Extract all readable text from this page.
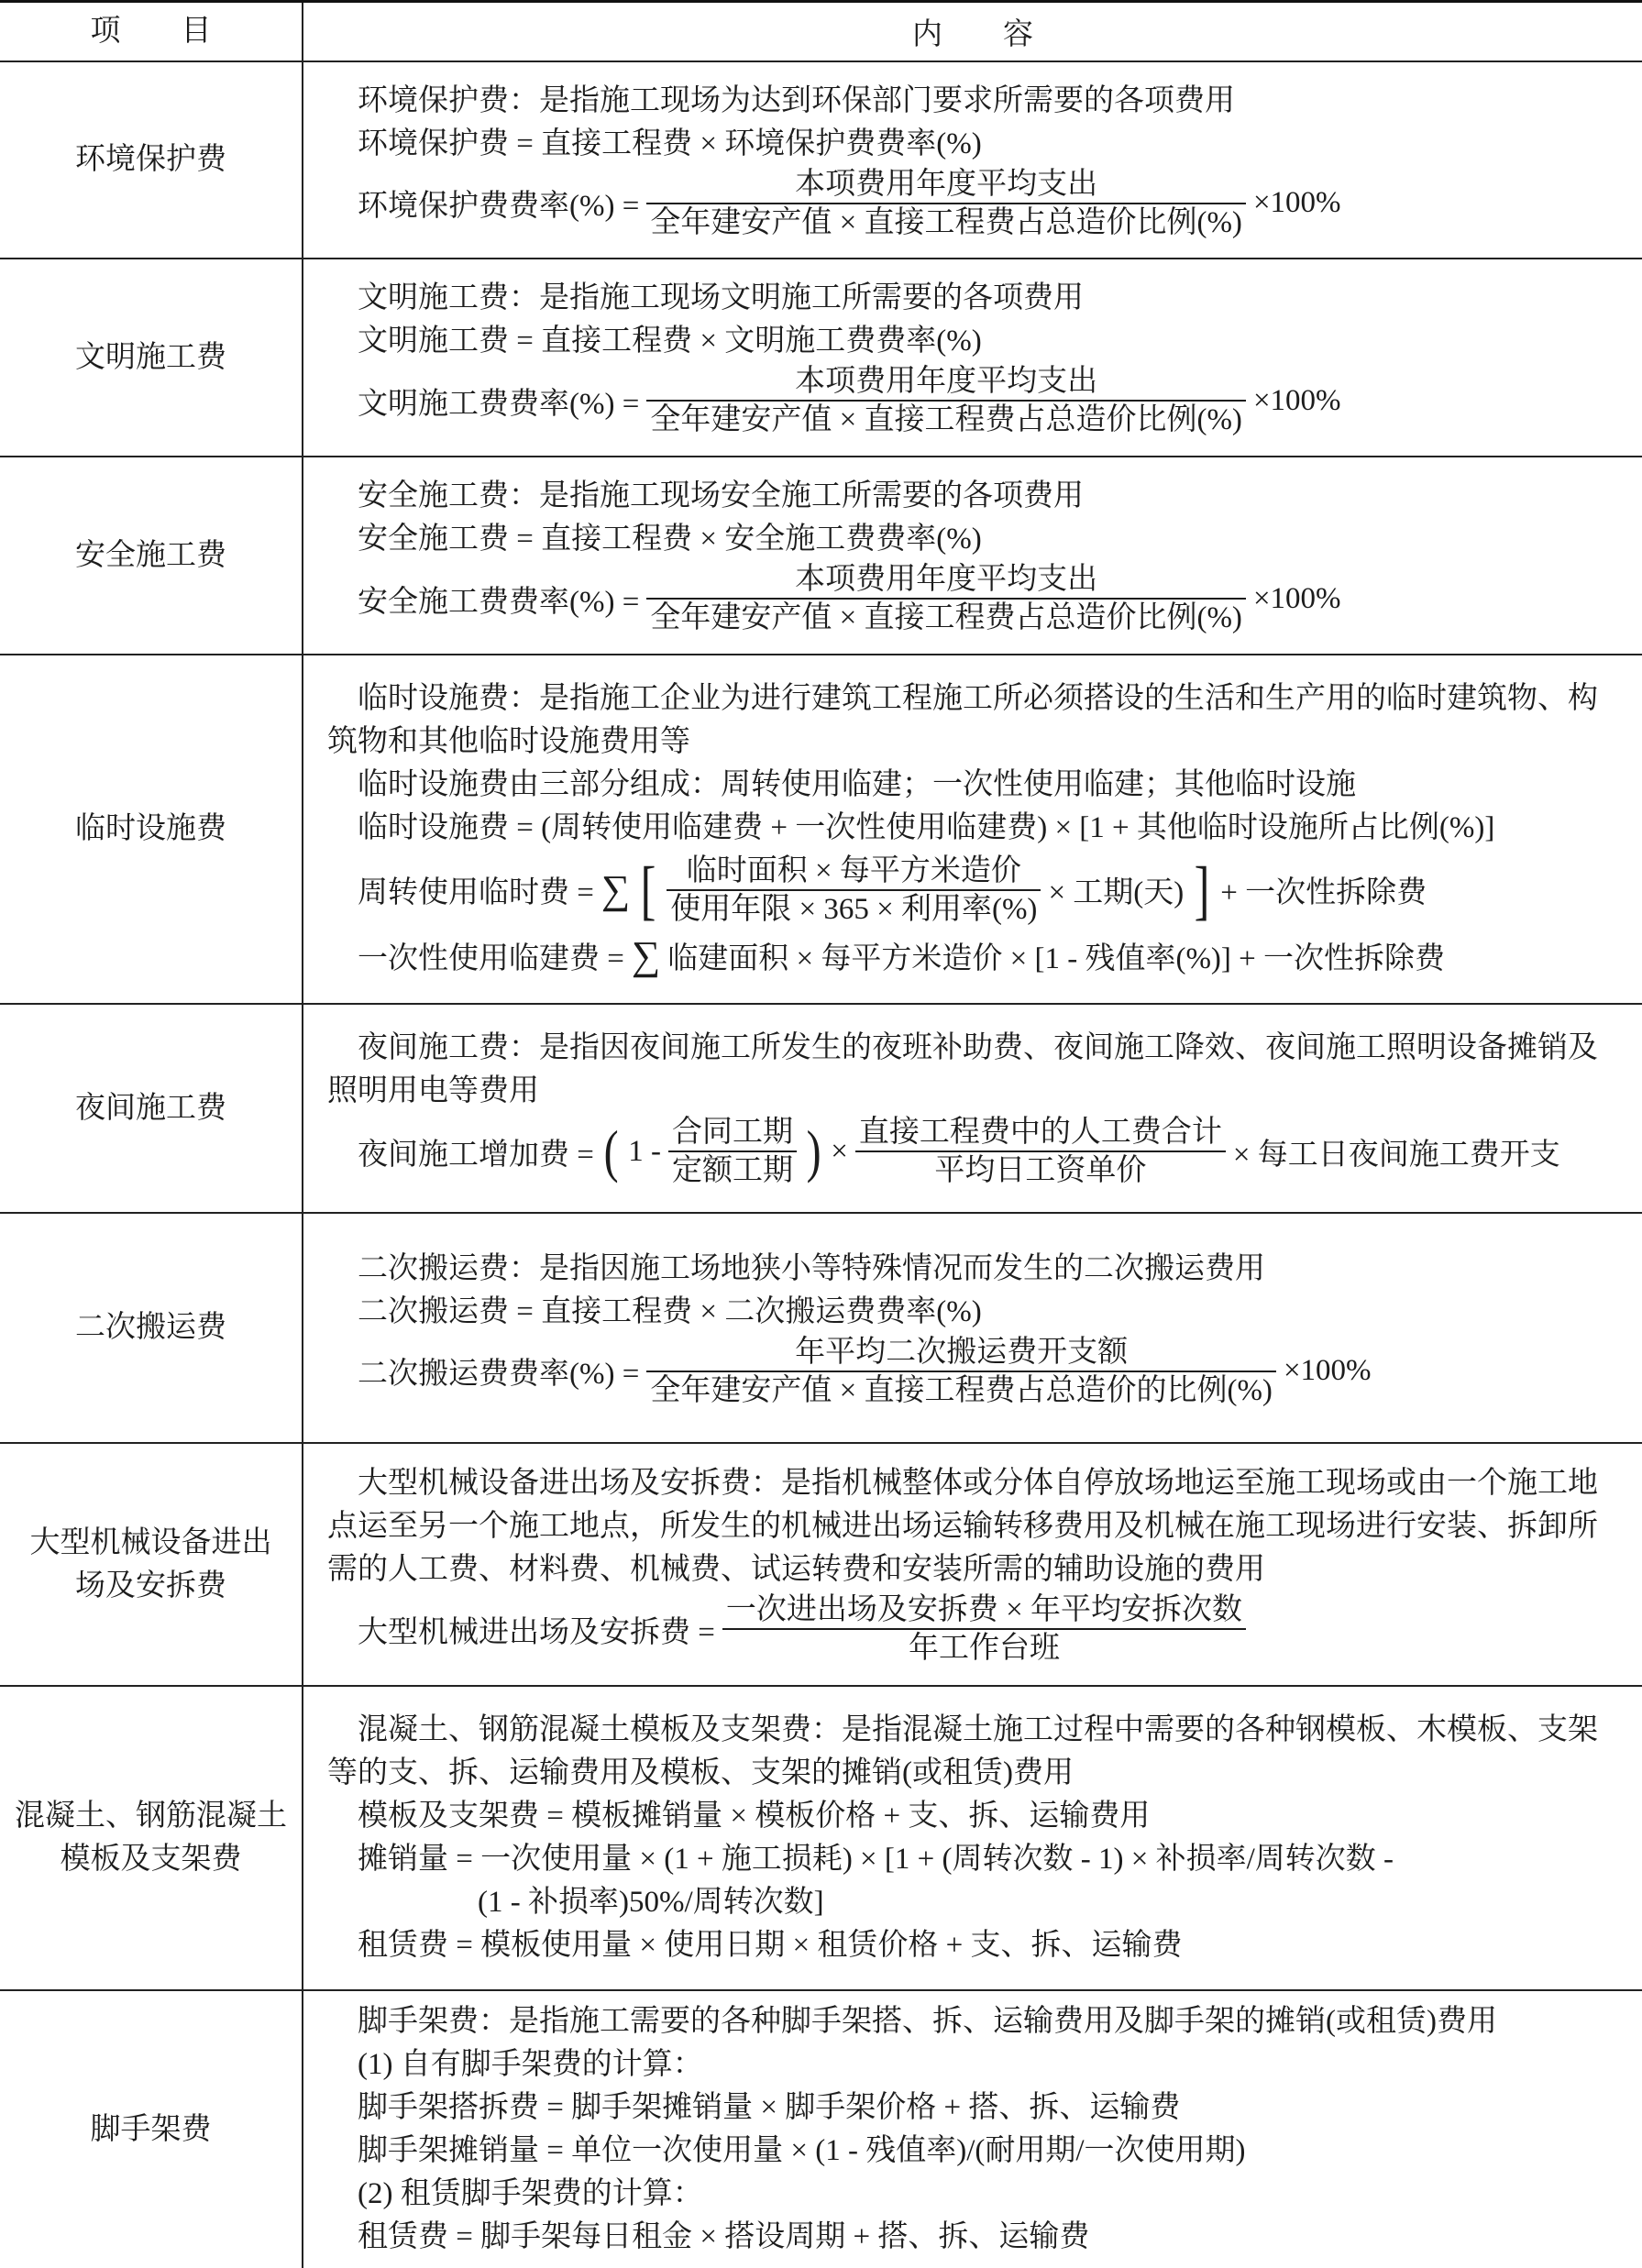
项　　目	内　　容
环境保护费
环境保护费：是指施工现场为达到环保部门要求所需要的各项费用
环境保护费 = 直接工程费 × 环境保护费费率(%)
环境保护费费率(%) = $\frac{\text{本项费用年度平均支出}}{\text{全年建安产值 × 直接工程费占总造价比例(\%)}} \times 100\%$
文明施工费
文明施工费：是指施工现场文明施工所需要的各项费用
文明施工费 = 直接工程费 × 文明施工费费率(%)
文明施工费费率(%) = $\frac{\text{本项费用年度平均支出}}{\text{全年建安产值 × 直接工程费占总造价比例(\%)}} \times 100\%$
安全施工费
安全施工费：是指施工现场安全施工所需要的各项费用
安全施工费 = 直接工程费 × 安全施工费费率(%)
安全施工费费率(%) = $\frac{\text{本项费用年度平均支出}}{\text{全年建安产值 × 直接工程费占总造价比例(\%)}} \times 100\%$
临时设施费
临时设施费：是指施工企业为进行建筑工程施工所必须搭设的生活和生产用的临时建筑物、构筑物和其他临时设施费用等
临时设施费由三部分组成：周转使用临建；一次性使用临建；其他临时设施
临时设施费 = (周转使用临建费 + 一次性使用临建费) × [1 + 其他临时设施所占比例(%)]
周转使用临时费 = ∑ [ $\frac{\text{临时面积 × 每平方米造价}}{\text{使用年限 × 365 × 利用率(\%)}}$ × 工期(天) ] + 一次性拆除费
一次性使用临建费 = ∑ 临建面积 × 每平方米造价 × [1 - 残值率(%)] + 一次性拆除费
夜间施工费
夜间施工费：是指因夜间施工所发生的夜班补助费、夜间施工降效、夜间施工照明设备摊销及照明用电等费用
夜间施工增加费 = ( $1 - \frac{\text{合同工期}}{\text{定额工期}}$ ) × $\frac{\text{直接工程费中的人工费合计}}{\text{平均日工资单价}}$ × 每工日夜间施工费开支
二次搬运费
二次搬运费：是指因施工场地狭小等特殊情况而发生的二次搬运费用
二次搬运费 = 直接工程费 × 二次搬运费费率(%)
二次搬运费费率(%) = $\frac{\text{年平均二次搬运费开支额}}{\text{全年建安产值 × 直接工程费占总造价的比例(\%)}} \times 100\%$
大型机械设备进出
场及安拆费
大型机械设备进出场及安拆费：是指机械整体或分体自停放场地运至施工现场或由一个施工地点运至另一个施工地点，所发生的机械进出场运输转移费用及机械在施工现场进行安装、拆卸所需的人工费、材料费、机械费、试运转费和安装所需的辅助设施的费用
大型机械进出场及安拆费 = $\frac{\text{一次进出场及安拆费 × 年平均安拆次数}}{\text{年工作台班}}$
混凝土、钢筋混凝土
模板及支架费
混凝土、钢筋混凝土模板及支架费：是指混凝土施工过程中需要的各种钢模板、木模板、支架等的支、拆、运输费用及模板、支架的摊销(或租赁)费用
模板及支架费 = 模板摊销量 × 模板价格 + 支、拆、运输费用
摊销量 = 一次使用量 × (1 + 施工损耗) × [1 + (周转次数 - 1) × 补损率/周转次数 -
(1 - 补损率)50%/周转次数]
租赁费 = 模板使用量 × 使用日期 × 租赁价格 + 支、拆、运输费
脚手架费
脚手架费：是指施工需要的各种脚手架搭、拆、运输费用及脚手架的摊销(或租赁)费用
(1) 自有脚手架费的计算：
脚手架搭拆费 = 脚手架摊销量 × 脚手架价格 + 搭、拆、运输费
脚手架摊销量 = 单位一次使用量 × (1 - 残值率)/(耐用期/一次使用期)
(2) 租赁脚手架费的计算：
租赁费 = 脚手架每日租金 × 搭设周期 + 搭、拆、运输费
